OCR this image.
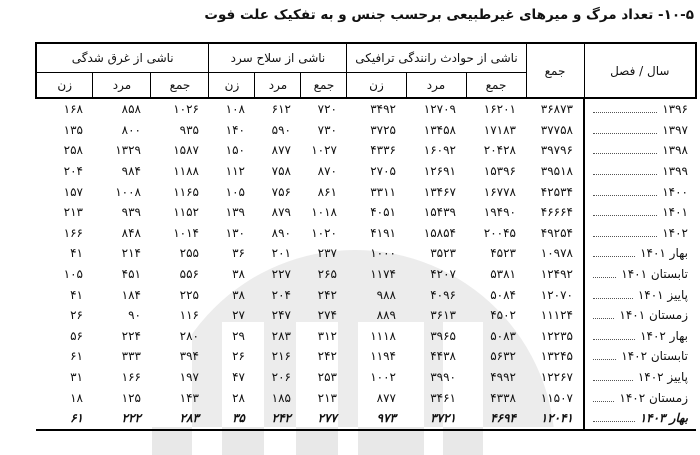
۱۰-۵- تعداد مرگ و میرهای غیرطبیعی برحسب جنس و به تفکیک علت فوت
سال / فصل	جمع	ناشی از حوادث رانندگی ترافیکی			ناشی از سلاح سرد			ناشی از غرق شدگی		
		جمع	مرد	زن	جمع	مرد	زن	جمع	مرد	زن

۱۳۹۶	۳۶۸۷۳	۱۶۲۰۱	۱۲۷۰۹	۳۴۹۲	۷۲۰	۶۱۲	۱۰۸	۱۰۲۶	۸۵۸	۱۶۸

۱۳۹۷	۳۷۷۵۸	۱۷۱۸۳	۱۳۴۵۸	۳۷۲۵	۷۳۰	۵۹۰	۱۴۰	۹۳۵	۸۰۰	۱۳۵

۱۳۹۸	۳۹۷۹۶	۲۰۴۲۸	۱۶۰۹۲	۴۳۳۶	۱۰۲۷	۸۷۷	۱۵۰	۱۵۸۷	۱۳۲۹	۲۵۸

۱۳۹۹	۳۹۵۱۸	۱۵۳۹۶	۱۲۶۹۱	۲۷۰۵	۸۷۰	۷۵۸	۱۱۲	۱۱۸۸	۹۸۴	۲۰۴

۱۴۰۰	۴۲۵۳۴	۱۶۷۷۸	۱۳۴۶۷	۳۳۱۱	۸۶۱	۷۵۶	۱۰۵	۱۱۶۵	۱۰۰۸	۱۵۷

۱۴۰۱	۴۶۶۶۴	۱۹۴۹۰	۱۵۴۳۹	۴۰۵۱	۱۰۱۸	۸۷۹	۱۳۹	۱۱۵۲	۹۳۹	۲۱۳

۱۴۰۲	۴۹۲۵۴	۲۰۰۴۵	۱۵۸۵۴	۴۱۹۱	۱۰۲۰	۸۹۰	۱۳۰	۱۰۱۴	۸۴۸	۱۶۶

بهار ۱۴۰۱	۱۰۹۷۸	۴۵۲۳	۳۵۲۳	۱۰۰۰	۲۳۷	۲۰۱	۳۶	۲۵۵	۲۱۴	۴۱

تابستان ۱۴۰۱	۱۲۴۹۲	۵۳۸۱	۴۲۰۷	۱۱۷۴	۲۶۵	۲۲۷	۳۸	۵۵۶	۴۵۱	۱۰۵

پاییز ۱۴۰۱	۱۲۰۷۰	۵۰۸۴	۴۰۹۶	۹۸۸	۲۴۲	۲۰۴	۳۸	۲۲۵	۱۸۴	۴۱

زمستان ۱۴۰۱	۱۱۱۲۴	۴۵۰۲	۳۶۱۳	۸۸۹	۲۷۴	۲۴۷	۲۷	۱۱۶	۹۰	۲۶

بهار ۱۴۰۲	۱۲۲۳۵	۵۰۸۳	۳۹۶۵	۱۱۱۸	۳۱۲	۲۸۳	۲۹	۲۸۰	۲۲۴	۵۶

تابستان ۱۴۰۲	۱۳۲۴۵	۵۶۳۲	۴۴۳۸	۱۱۹۴	۲۴۲	۲۱۶	۲۶	۳۹۴	۳۳۳	۶۱

پاییز ۱۴۰۲	۱۲۲۶۷	۴۹۹۲	۳۹۹۰	۱۰۰۲	۲۵۳	۲۰۶	۴۷	۱۹۷	۱۶۶	۳۱

زمستان ۱۴۰۲	۱۱۵۰۷	۴۳۳۸	۳۴۶۱	۸۷۷	۲۱۳	۱۸۵	۲۸	۱۴۳	۱۲۵	۱۸

بهار ۱۴۰۳	۱۲۰۴۱	۴۶۹۴	۳۷۲۱	۹۷۳	۲۷۷	۲۴۲	۳۵	۲۸۳	۲۲۲	۶۱
